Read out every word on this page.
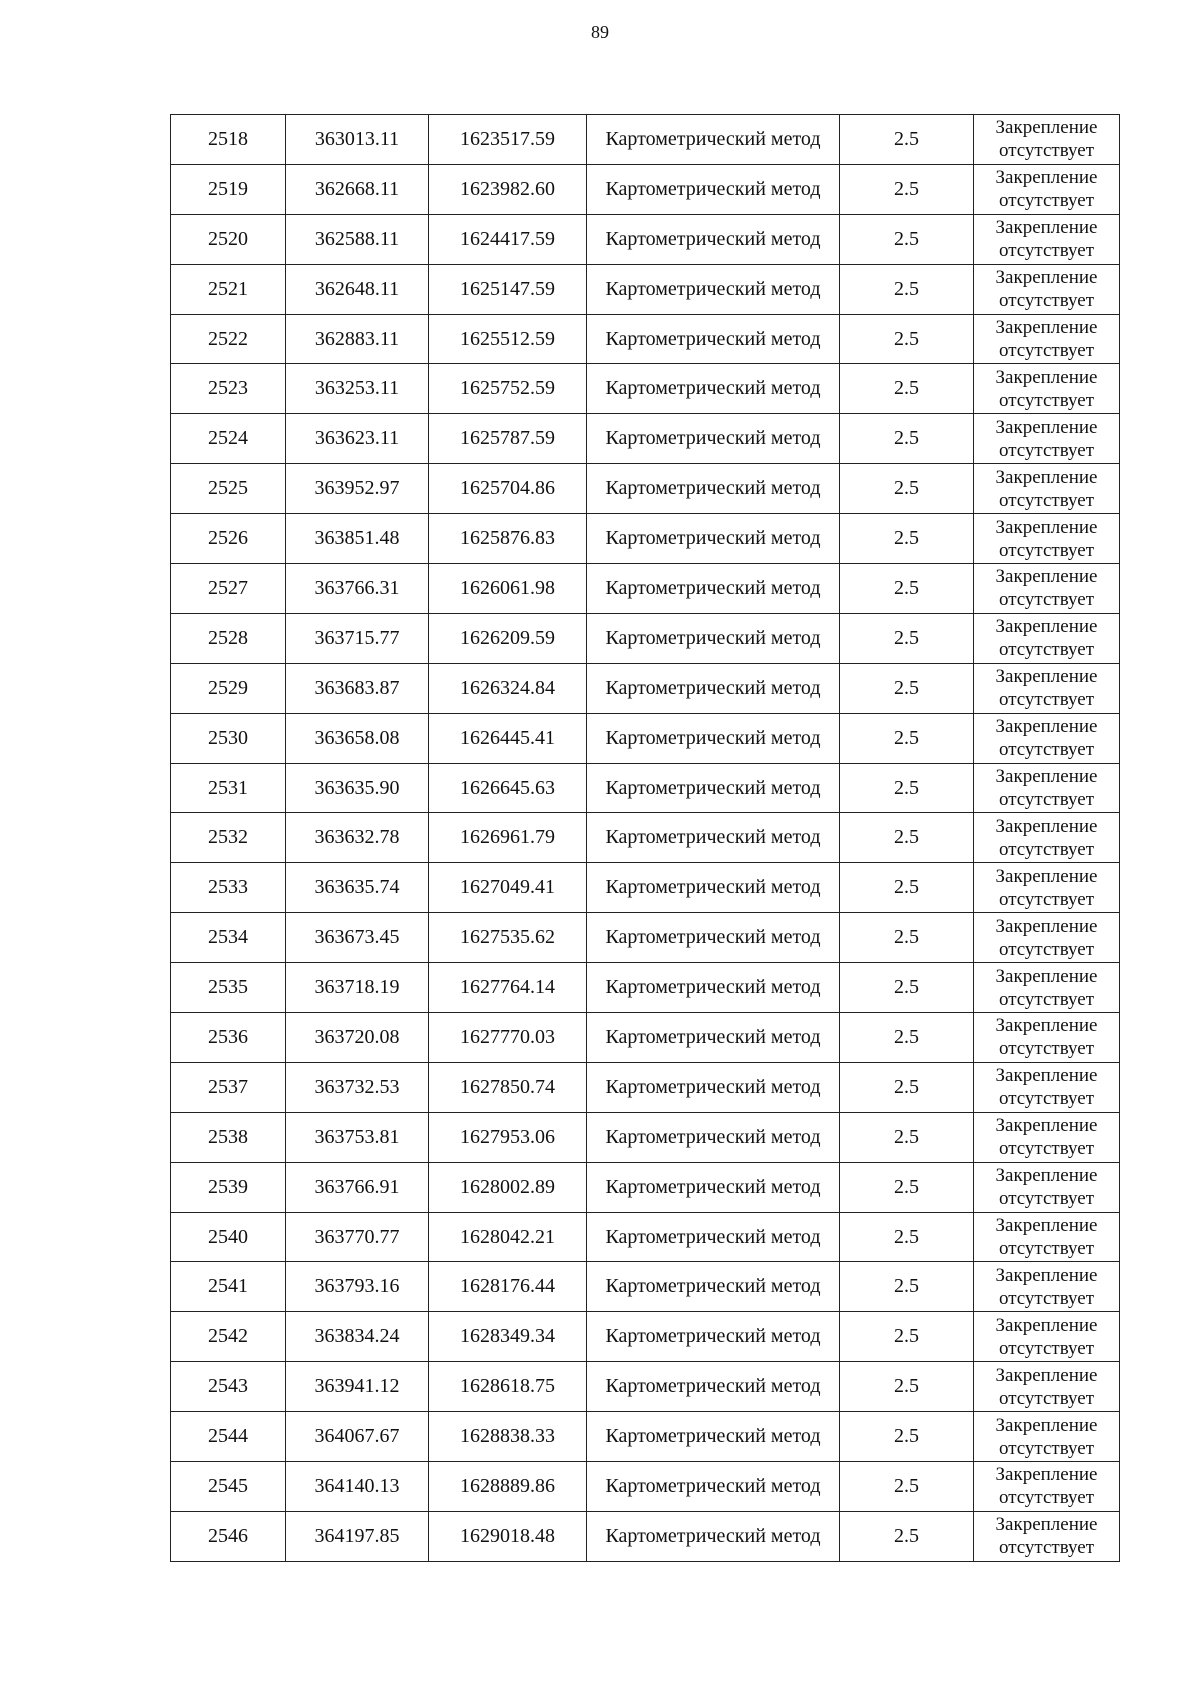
89
2518	363013.11	1623517.59	Картометрический метод	2.5	Закрепление
отсутствует

2519	362668.11	1623982.60	Картометрический метод	2.5	Закрепление
отсутствует

2520	362588.11	1624417.59	Картометрический метод	2.5	Закрепление
отсутствует

2521	362648.11	1625147.59	Картометрический метод	2.5	Закрепление
отсутствует

2522	362883.11	1625512.59	Картометрический метод	2.5	Закрепление
отсутствует

2523	363253.11	1625752.59	Картометрический метод	2.5	Закрепление
отсутствует

2524	363623.11	1625787.59	Картометрический метод	2.5	Закрепление
отсутствует

2525	363952.97	1625704.86	Картометрический метод	2.5	Закрепление
отсутствует

2526	363851.48	1625876.83	Картометрический метод	2.5	Закрепление
отсутствует

2527	363766.31	1626061.98	Картометрический метод	2.5	Закрепление
отсутствует

2528	363715.77	1626209.59	Картометрический метод	2.5	Закрепление
отсутствует

2529	363683.87	1626324.84	Картометрический метод	2.5	Закрепление
отсутствует

2530	363658.08	1626445.41	Картометрический метод	2.5	Закрепление
отсутствует

2531	363635.90	1626645.63	Картометрический метод	2.5	Закрепление
отсутствует

2532	363632.78	1626961.79	Картометрический метод	2.5	Закрепление
отсутствует

2533	363635.74	1627049.41	Картометрический метод	2.5	Закрепление
отсутствует

2534	363673.45	1627535.62	Картометрический метод	2.5	Закрепление
отсутствует

2535	363718.19	1627764.14	Картометрический метод	2.5	Закрепление
отсутствует

2536	363720.08	1627770.03	Картометрический метод	2.5	Закрепление
отсутствует

2537	363732.53	1627850.74	Картометрический метод	2.5	Закрепление
отсутствует

2538	363753.81	1627953.06	Картометрический метод	2.5	Закрепление
отсутствует

2539	363766.91	1628002.89	Картометрический метод	2.5	Закрепление
отсутствует

2540	363770.77	1628042.21	Картометрический метод	2.5	Закрепление
отсутствует

2541	363793.16	1628176.44	Картометрический метод	2.5	Закрепление
отсутствует

2542	363834.24	1628349.34	Картометрический метод	2.5	Закрепление
отсутствует

2543	363941.12	1628618.75	Картометрический метод	2.5	Закрепление
отсутствует

2544	364067.67	1628838.33	Картометрический метод	2.5	Закрепление
отсутствует

2545	364140.13	1628889.86	Картометрический метод	2.5	Закрепление
отсутствует

2546	364197.85	1629018.48	Картометрический метод	2.5	Закрепление
отсутствует
